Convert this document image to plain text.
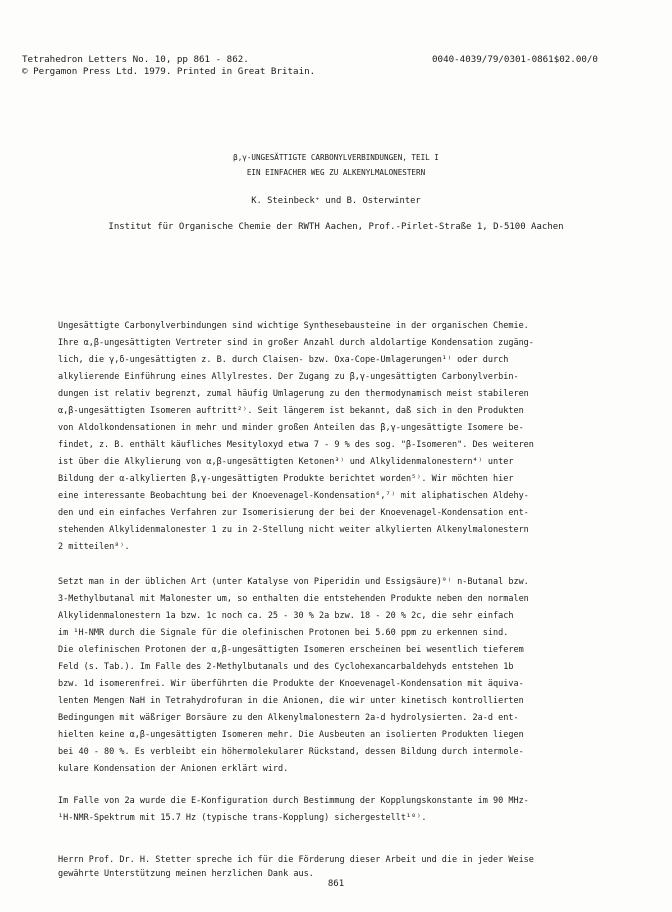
Tetrahedron Letters No. 10, pp 861 - 862.
© Pergamon Press Ltd. 1979. Printed in Great Britain.
0040-4039/79/0301-0861$02.00/0
β,γ-UNGESÄTTIGTE CARBONYLVERBINDUNGEN, TEIL I
EIN EINFACHER WEG ZU ALKENYLMALONESTERN
K. Steinbeck⁺ und B. Osterwinter
Institut für Organische Chemie der RWTH Aachen, Prof.-Pirlet-Straße 1, D-5100 Aachen

Ungesättigte Carbonylverbindungen sind wichtige Synthesebausteine in der organischen Chemie.

Ihre α,β-ungesättigten Vertreter sind in großer Anzahl durch aldolartige Kondensation zugäng-

lich, die γ,δ-ungesättigten z. B. durch Claisen- bzw. Oxa-Cope-Umlagerungen¹⁾ oder durch

alkylierende Einführung eines Allylrestes. Der Zugang zu β,γ-ungesättigten Carbonylverbin-

dungen ist relativ begrenzt, zumal häufig Umlagerung zu den thermodynamisch meist stabileren

α,β-ungesättigten Isomeren auftritt²⁾. Seit längerem ist bekannt, daß sich in den Produkten

von Aldolkondensationen in mehr und minder großen Anteilen das β,γ-ungesättigte Isomere be-

findet, z. B. enthält käufliches Mesityloxyd etwa 7 - 9 % des sog. "β-Isomeren". Des weiteren

ist über die Alkylierung von α,β-ungesättigten Ketonen³⁾ und Alkylidenmalonestern⁴⁾ unter

Bildung der α-alkylierten β,γ-ungesättigten Produkte berichtet worden⁵⁾. Wir möchten hier

eine interessante Beobachtung bei der Knoevenagel-Kondensation⁶,⁷⁾ mit aliphatischen Aldehy-

den und ein einfaches Verfahren zur Isomerisierung der bei der Knoevenagel-Kondensation ent-

stehenden Alkylidenmalonester 1 zu in 2-Stellung nicht weiter alkylierten Alkenylmalonestern

2 mitteilen⁸⁾.

Setzt man in der üblichen Art (unter Katalyse von Piperidin und Essigsäure)⁹⁾ n-Butanal bzw.

3-Methylbutanal mit Malonester um, so enthalten die entstehenden Produkte neben den normalen

Alkylidenmalonestern 1a bzw. 1c noch ca. 25 - 30 % 2a bzw. 18 - 20 % 2c, die sehr einfach

im ¹H-NMR durch die Signale für die olefinischen Protonen bei 5.60 ppm zu erkennen sind.

Die olefinischen Protonen der α,β-ungesättigten Isomeren erscheinen bei wesentlich tieferem

Feld (s. Tab.). Im Falle des 2-Methylbutanals und des Cyclohexancarbaldehyds entstehen 1b

bzw. 1d isomerenfrei. Wir überführten die Produkte der Knoevenagel-Kondensation mit äquiva-

lenten Mengen NaH in Tetrahydrofuran in die Anionen, die wir unter kinetisch kontrollierten

Bedingungen mit wäßriger Borsäure zu den Alkenylmalonestern 2a-d hydrolysierten. 2a-d ent-

hielten keine α,β-ungesättigten Isomeren mehr. Die Ausbeuten an isolierten Produkten liegen

bei 40 - 80 %. Es verbleibt ein höhermolekularer Rückstand, dessen Bildung durch intermole-

kulare Kondensation der Anionen erklärt wird.

Im Falle von 2a wurde die E-Konfiguration durch Bestimmung der Kopplungskonstante im 90 MHz-

¹H-NMR-Spektrum mit 15.7 Hz (typische trans-Kopplung) sichergestellt¹⁰⁾.

Herrn Prof. Dr. H. Stetter spreche ich für die Förderung dieser Arbeit und die in jeder Weise

gewährte Unterstützung meinen herzlichen Dank aus.

861
